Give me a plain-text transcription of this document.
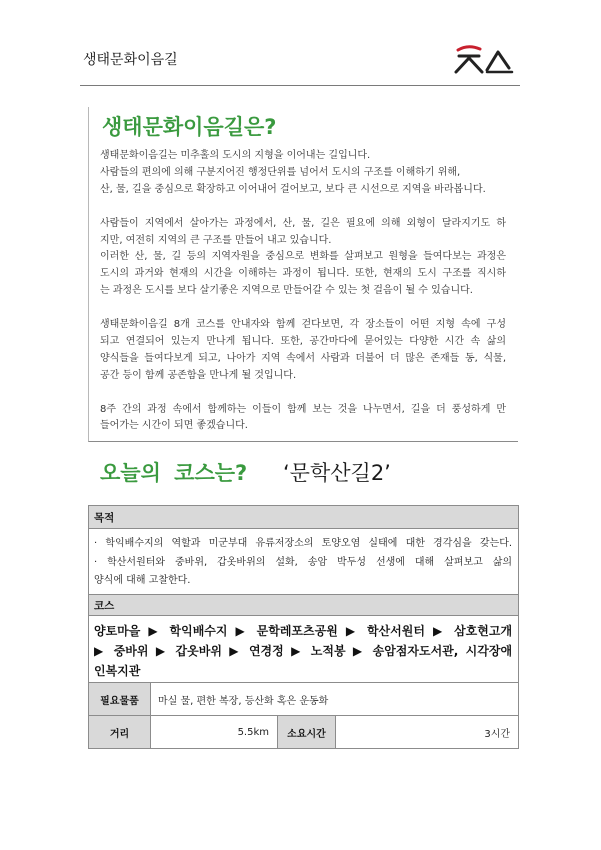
생태문화이음길
생태문화이음길은?
생태문화이음길는 미추홀의 도시의 지형을 이어내는 길입니다.
사람들의 편의에 의해 구분지어진 행정단위를 넘어서 도시의 구조를 이해하기 위해,
산, 물, 길을 중심으로 확장하고 이어내어 걸어보고, 보다 큰 시선으로 지역을 바라봅니다.
사람들이 지역에서 살아가는 과정에서, 산, 물, 길은 필요에 의해 외형이 달라지기도 하
지만, 여전히 지역의 큰 구조를 만들어 내고 있습니다.
이러한 산, 물, 길 등의 지역자원을 중심으로 변화를 살펴보고 원형을 들여다보는 과정은
도시의 과거와 현재의 시간을 이해하는 과정이 됩니다. 또한, 현재의 도시 구조를 직시하
는 과정은 도시를 보다 살기좋은 지역으로 만들어갈 수 있는 첫 걸음이 될 수 있습니다.
생태문화이음길 8개 코스를 안내자와 함께 걷다보면, 각 장소들이 어떤 지형 속에 구성
되고 연결되어 있는지 만나게 됩니다. 또한, 공간마다에 묻어있는 다양한 시간 속 삶의
양식들을 들여다보게 되고, 나아가 지역 속에서 사람과 더불어 더 많은 존재들 동, 식물,
공간 등이 함께 공존함을 만나게 될 것입니다.
8주 간의 과정 속에서 함께하는 이들이 함께 보는 것을 나누면서, 길을 더 풍성하게 만
들어가는 시간이 되면 좋겠습니다.
오늘의 코스는? ‘문학산길2’
목적			

· 학익배수지의 역할과 미군부대 유류저장소의 토양오염 실태에 대한 경각심을 갖는다.
· 학산서원터와 중바위, 갑옷바위의 설화, 송암 박두성 선생에 대해 살펴보고 삶의
양식에 대해 고찰한다.			

코스			

양토마을 ▶ 학익배수지 ▶ 문학레포츠공원 ▶ 학산서원터 ▶ 삼호현고개
▶ 중바위 ▶ 갑옷바위 ▶ 연경정 ▶ 노적봉 ▶ 송암점자도서관, 시각장애
인복지관			

필요물품	마실 물, 편한 복장, 등산화 혹은 운동화		
거리	5.5km	소요시간	3시간
